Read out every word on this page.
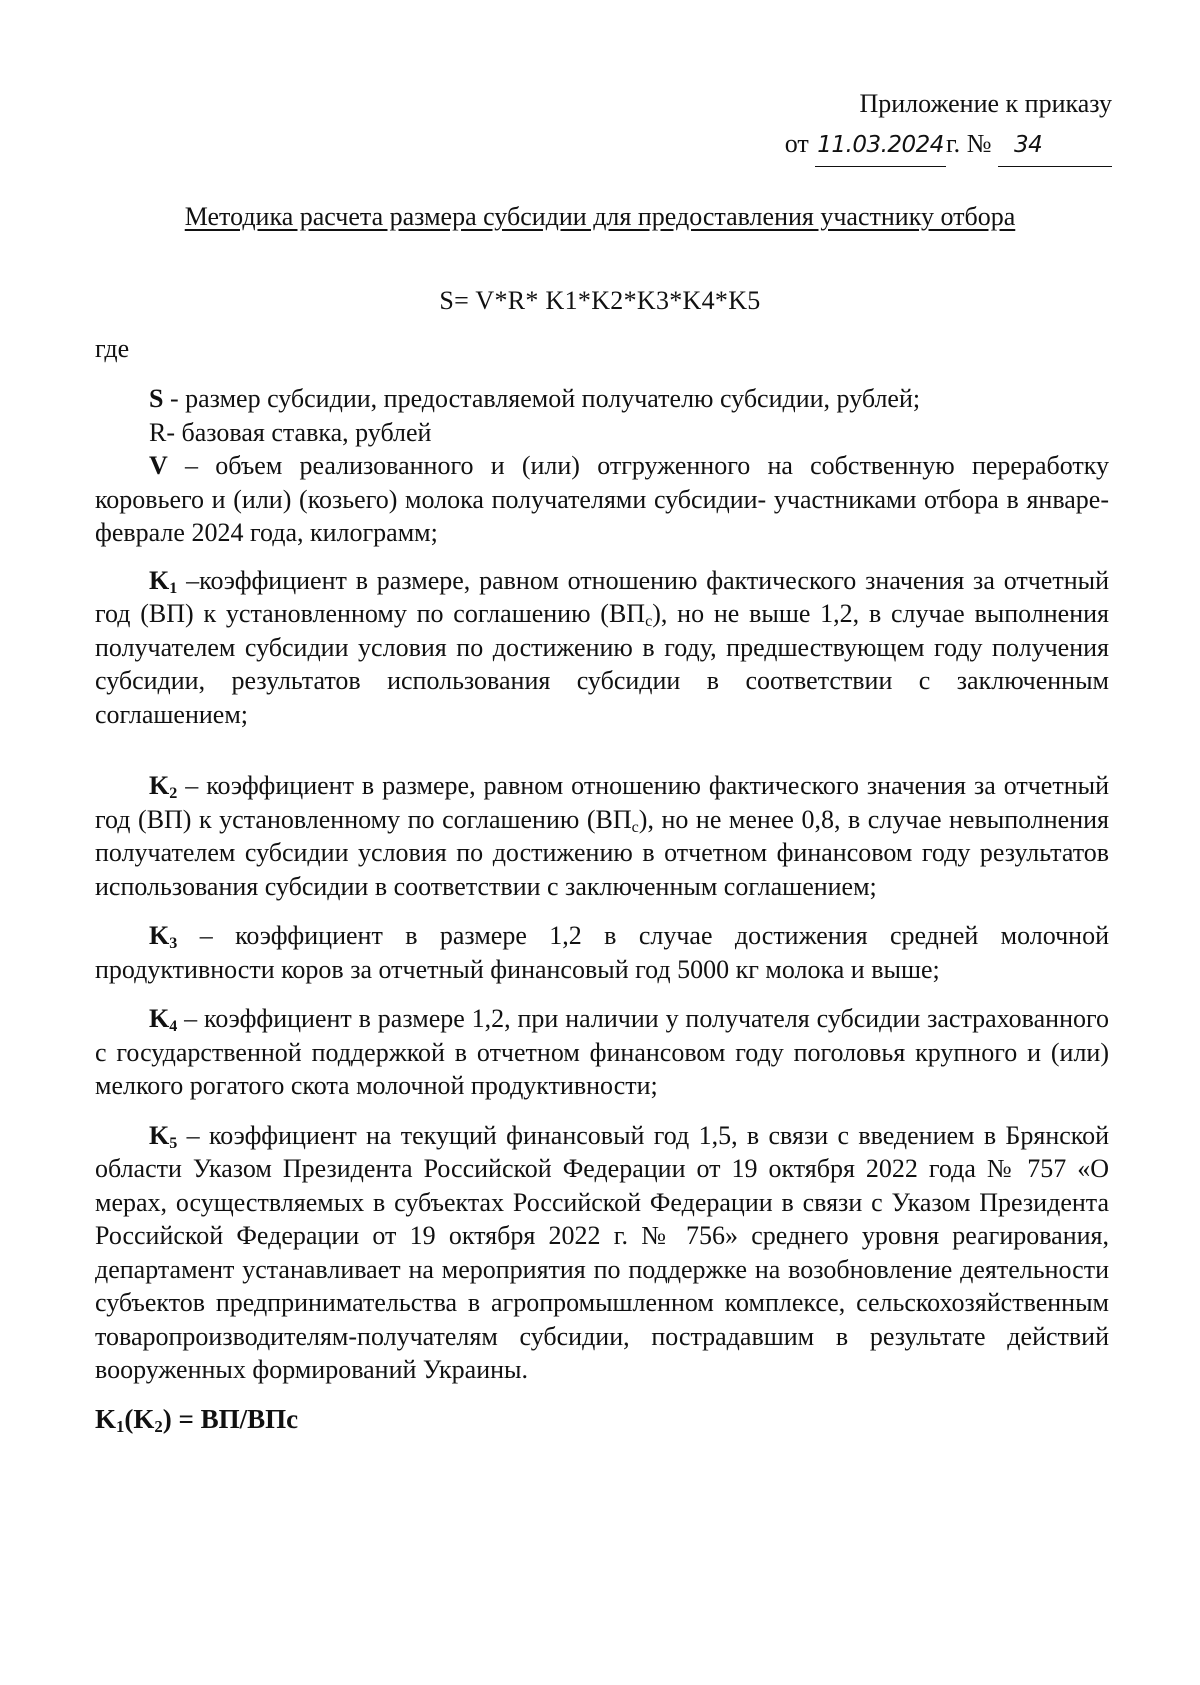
Приложение к приказу
от 11.03.2024г. № 34
Методика расчета размера субсидии для предоставления участнику отбора
S= V*R* K1*K2*K3*K4*K5
где

S - размер субсидии, предоставляемой получателю субсидии, рублей;

R- базовая ставка, рублей

V – объем реализованного и (или) отгруженного на собственную переработку коровьего и (или) (козьего) молока получателями субсидии- участниками отбора в январе-феврале 2024 года, килограмм;

$K_1$ –коэффициент в размере, равном отношению фактического значения за отчетный год (ВП) к установленному по соглашению $(ВП_с)$, но не выше 1,2, в случае выполнения получателем субсидии условия по достижению в году, предшествующем году получения субсидии, результатов использования субсидии в соответствии с заключенным соглашением;

$K_2$ – коэффициент в размере, равном отношению фактического значения за отчетный год (ВП) к установленному по соглашению $(ВП_с)$, но не менее 0,8, в случае невыполнения получателем субсидии условия по достижению в отчетном финансовом году результатов использования субсидии в соответствии с заключенным соглашением;

$K_3$ – коэффициент в размере 1,2 в случае достижения средней молочной продуктивности коров за отчетный финансовый год 5000 кг молока и выше;

$K_4$ – коэффициент в размере 1,2, при наличии у получателя субсидии застрахованного с государственной поддержкой в отчетном финансовом году поголовья крупного и (или) мелкого рогатого скота молочной продуктивности;

$K_5$ – коэффициент на текущий финансовый год 1,5, в связи с введением в Брянской области Указом Президента Российской Федерации от 19 октября 2022 года № 757 «О мерах, осуществляемых в субъектах Российской Федерации в связи с Указом Президента Российской Федерации от 19 октября 2022 г. № 756» среднего уровня реагирования, департамент устанавливает на мероприятия по поддержке на возобновление деятельности субъектов предпринимательства в агропромышленном комплексе, сельскохозяйственным товаропроизводителям-получателям субсидии, пострадавшим в результате действий вооруженных формирований Украины.

$K_1(K_2) = ВП/ВПс$
